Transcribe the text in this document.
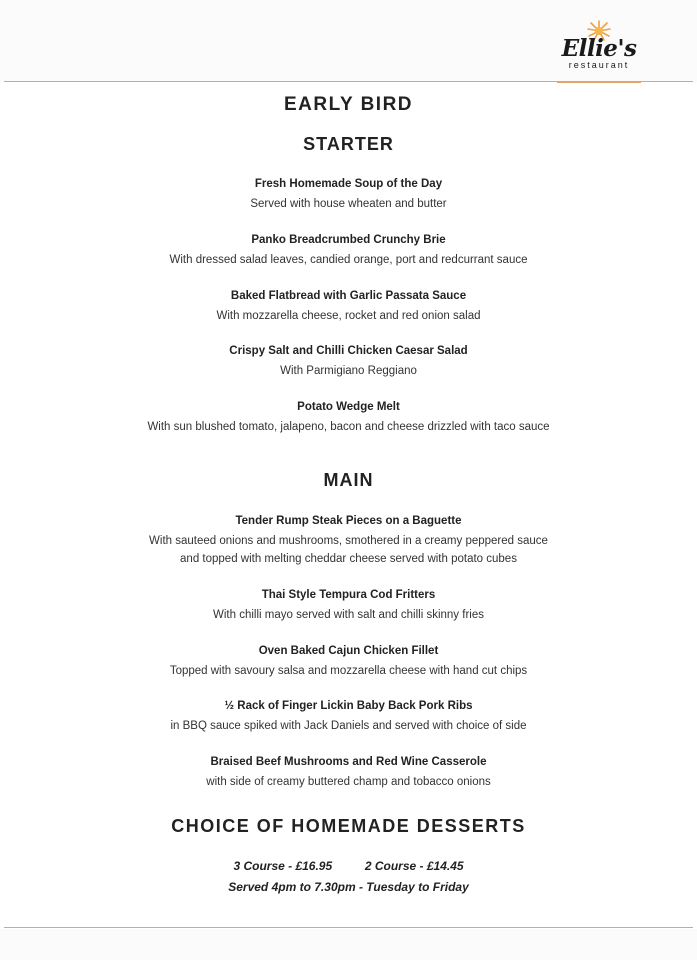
Ellie's
restaurant
EARLY BIRD
STARTER
Fresh Homemade Soup of the Day
Served with house wheaten and butter
Panko Breadcrumbed Crunchy Brie
With dressed salad leaves, candied orange, port and redcurrant sauce
Baked Flatbread with Garlic Passata Sauce
With mozzarella cheese, rocket and red onion salad
Crispy Salt and Chilli Chicken Caesar Salad
With Parmigiano Reggiano
Potato Wedge Melt
With sun blushed tomato, jalapeno, bacon and cheese drizzled with taco sauce
MAIN
Tender Rump Steak Pieces on a Baguette
With sauteed onions and mushrooms, smothered in a creamy peppered sauce
and topped with melting cheddar cheese served with potato cubes
Thai Style Tempura Cod Fritters
With chilli mayo served with salt and chilli skinny fries
Oven Baked Cajun Chicken Fillet
Topped with savoury salsa and mozzarella cheese with hand cut chips
½ Rack of Finger Lickin Baby Back Pork Ribs
in BBQ sauce spiked with Jack Daniels and served with choice of side
Braised Beef Mushrooms and Red Wine Casserole
with side of creamy buttered champ and tobacco onions
CHOICE OF HOMEMADE DESSERTS
3 Course - £16.95	2 Course - £14.45
Served 4pm to 7.30pm - Tuesday to Friday
